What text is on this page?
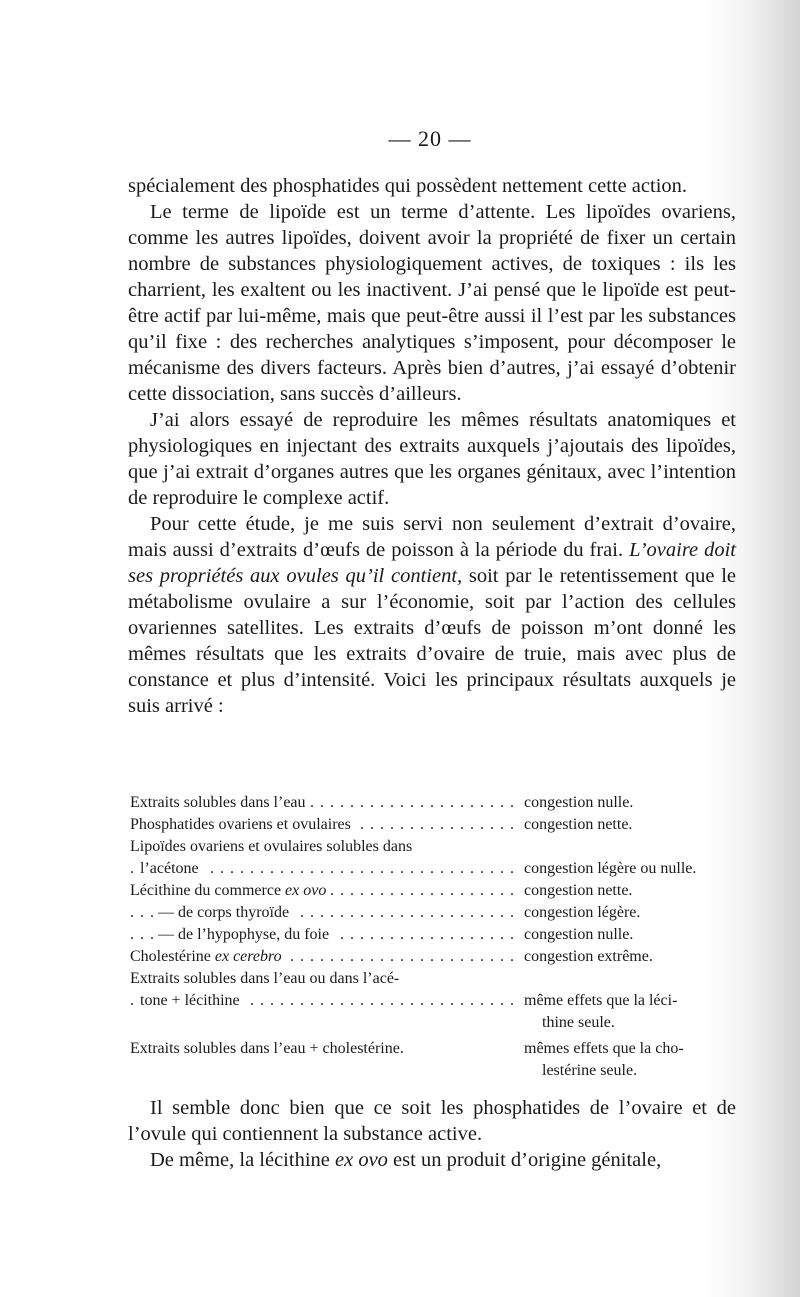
— 20 —

spécialement des phosphatides qui possèdent nettement cette action.

Le terme de lipoïde est un terme d’attente. Les lipoïdes ovariens, comme les autres lipoïdes, doivent avoir la propriété de fixer un certain nombre de substances physiologiquement actives, de toxiques : ils les charrient, les exaltent ou les inactivent. J’ai pensé que le lipoïde est peut-être actif par lui-même, mais que peut-être aussi il l’est par les substances qu’il fixe : des recherches analytiques s’imposent, pour décomposer le mécanisme des divers facteurs. Après bien d’autres, j’ai essayé d’obtenir cette dissociation, sans succès d’ailleurs.

J’ai alors essayé de reproduire les mêmes résultats anatomiques et physiologiques en injectant des extraits auxquels j’ajoutais des lipoïdes, que j’ai extrait d’organes autres que les organes génitaux, avec l’intention de reproduire le complexe actif.

Pour cette étude, je me suis servi non seulement d’extrait d’ovaire, mais aussi d’extraits d’œufs de poisson à la période du frai. L’ovaire doit ses propriétés aux ovules qu’il contient, soit par le retentissement que le métabolisme ovulaire a sur l’économie, soit par l’action des cellules ovariennes satellites. Les extraits d’œufs de poisson m’ont donné les mêmes résultats que les extraits d’ovaire de truie, mais avec plus de constance et plus d’intensité. Voici les principaux résultats auxquels je suis arrivé :

Extraits solubles dans l’eau . . .	congestion nulle.
Phosphatides ovariens et ovulaires . . .	congestion nette.
Lipoïdes ovariens et ovulaires solubles dans
l’acétone . . .	congestion légère ou nulle.
Lécithine du commerce ex ovo . . .	congestion nette.
— de corps thyroïde . . .	congestion légère.
— de l’hypophyse, du foie . . .	congestion nulle.
Cholestérine ex cerebro . . .	congestion extrême.
Extraits solubles dans l’eau ou dans l’acé-
tone + lécithine . . .	même effets que la léci-
thine seule.
Extraits solubles dans l’eau + cholestérine.	mêmes effets que la cho-
lestérine seule.

Il semble donc bien que ce soit les phosphatides de l’ovaire et de l’ovule qui contiennent la substance active.

De même, la lécithine ex ovo est un produit d’origine génitale,
